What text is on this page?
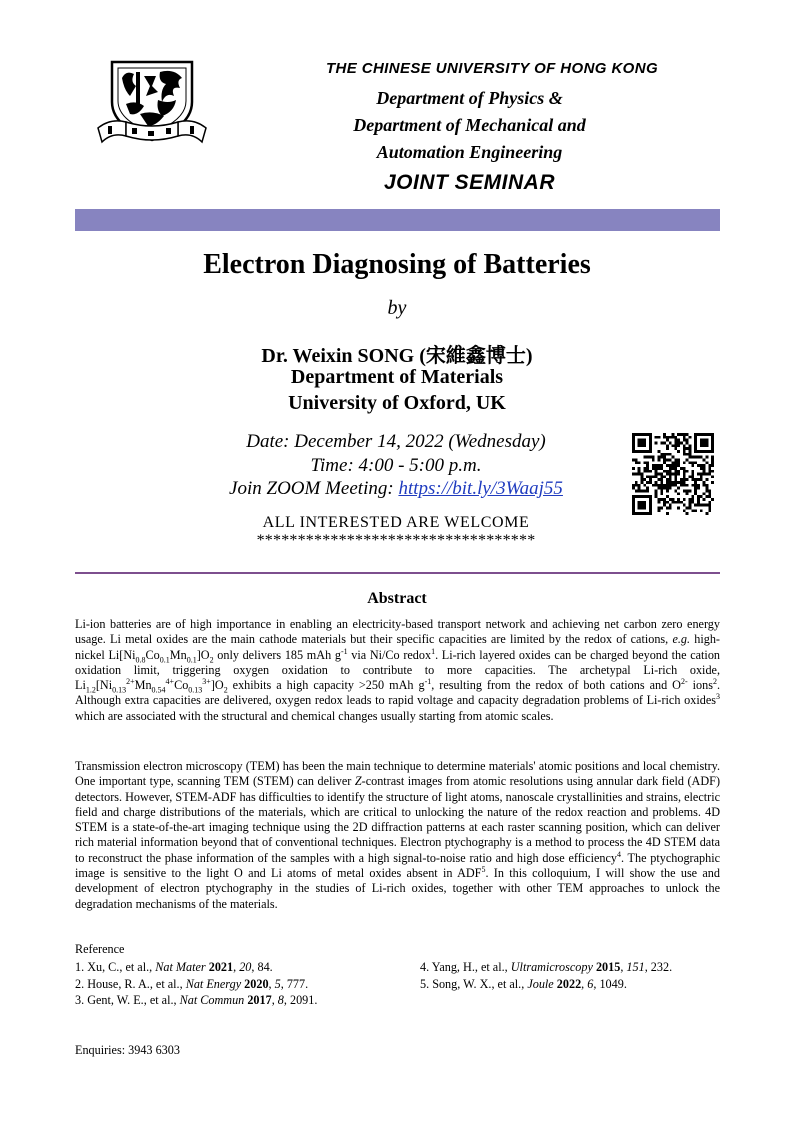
THE CHINESE UNIVERSITY OF HONG KONG
Department of Physics &
Department of Mechanical and
Automation Engineering
JOINT SEMINAR
Electron Diagnosing of Batteries
by
Dr. Weixin SONG (宋維鑫博士)
Department of Materials
University of Oxford, UK
Date: December 14, 2022 (Wednesday)
Time: 4:00 - 5:00 p.m.
Join ZOOM Meeting: https://bit.ly/3Waaj55
ALL INTERESTED ARE WELCOME
**********************************
Abstract
Li-ion batteries are of high importance in enabling an electricity-based transport network and achieving net carbon zero energy usage. Li metal oxides are the main cathode materials but their specific capacities are limited by the redox of cations, e.g. high-nickel $Li[Ni_{0.8}Co_{0.1}Mn_{0.1}]O_2$ only delivers 185 mAh $g^{-1}$ via Ni/Co redox$^1$. Li-rich layered oxides can be charged beyond the cation oxidation limit, triggering oxygen oxidation to contribute to more capacities. The archetypal Li-rich oxide, $Li_{1.2}[Ni_{0.13}^{2+}Mn_{0.54}^{4+}Co_{0.13}^{3+}]O_2$ exhibits a high capacity >250 mAh $g^{-1}$, resulting from the redox of both cations and $O^{2-}$ ions$^2$. Although extra capacities are delivered, oxygen redox leads to rapid voltage and capacity degradation problems of Li-rich oxides$^3$ which are associated with the structural and chemical changes usually starting from atomic scales.
Transmission electron microscopy (TEM) has been the main technique to determine materials' atomic positions and local chemistry. One important type, scanning TEM (STEM) can deliver Z-contrast images from atomic resolutions using annular dark field (ADF) detectors. However, STEM-ADF has difficulties to identify the structure of light atoms, nanoscale crystallinities and strains, electric field and charge distributions of the materials, which are critical to unlocking the nature of the redox reaction and problems. 4D STEM is a state-of-the-art imaging technique using the 2D diffraction patterns at each raster scanning position, which can deliver rich material information beyond that of conventional techniques. Electron ptychography is a method to process the 4D STEM data to reconstruct the phase information of the samples with a high signal-to-noise ratio and high dose efficiency$^4$. The ptychographic image is sensitive to the light O and Li atoms of metal oxides absent in ADF$^5$. In this colloquium, I will show the use and development of electron ptychography in the studies of Li-rich oxides, together with other TEM approaches to unlock the degradation mechanisms of the materials.
Reference
1. Xu, C., et al., Nat Mater 2021, 20, 84.
2. House, R. A., et al., Nat Energy 2020, 5, 777.
3. Gent, W. E., et al., Nat Commun 2017, 8, 2091.
4. Yang, H., et al., Ultramicroscopy 2015, 151, 232.
5. Song, W. X., et al., Joule 2022, 6, 1049.
Enquiries: 3943 6303
